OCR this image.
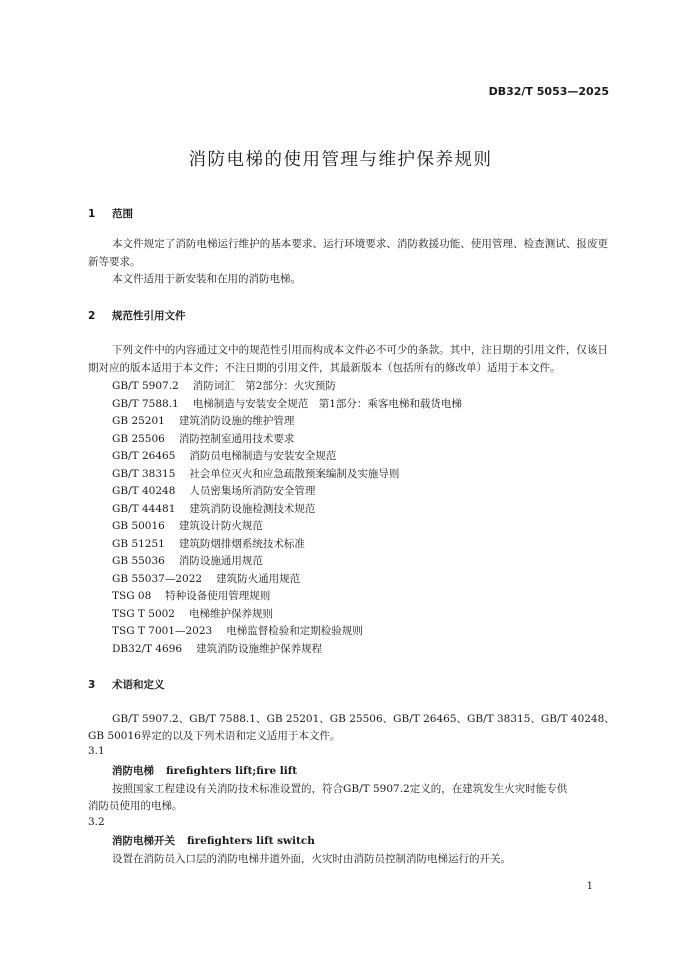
DB32/T 5053—2025
消防电梯的使用管理与维护保养规则
1 范围
本文件规定了消防电梯运行维护的基本要求、运行环境要求、消防救援功能、使用管理、检查测试、报废更新等要求。
本文件适用于新安装和在用的消防电梯。
2 规范性引用文件
下列文件中的内容通过文中的规范性引用而构成本文件必不可少的条款。其中，注日期的引用文件，仅该日期对应的版本适用于本文件；不注日期的引用文件，其最新版本（包括所有的修改单）适用于本文件。
GB/T 5907.2 消防词汇　第2部分：火灾预防
GB/T 7588.1 电梯制造与安装安全规范　第1部分：乘客电梯和载货电梯
GB 25201 建筑消防设施的维护管理
GB 25506 消防控制室通用技术要求
GB/T 26465 消防员电梯制造与安装安全规范
GB/T 38315 社会单位灭火和应急疏散预案编制及实施导则
GB/T 40248 人员密集场所消防安全管理
GB/T 44481 建筑消防设施检测技术规范
GB 50016 建筑设计防火规范
GB 51251 建筑防烟排烟系统技术标准
GB 55036 消防设施通用规范
GB 55037—2022 建筑防火通用规范
TSG 08 特种设备使用管理规则
TSG T 5002 电梯维护保养规则
TSG T 7001—2023 电梯监督检验和定期检验规则
DB32/T 4696 建筑消防设施维护保养规程
3 术语和定义
GB/T 5907.2、GB/T 7588.1、GB 25201、GB 25506、GB/T 26465、GB/T 38315、GB/T 40248、
GB 50016界定的以及下列术语和定义适用于本文件。
3.1
消防电梯 firefighters lift;fire lift
按照国家工程建设有关消防技术标准设置的，符合GB/T 5907.2定义的，在建筑发生火灾时能专供
消防员使用的电梯。
3.2
消防电梯开关 firefighters lift switch
设置在消防员入口层的消防电梯井道外面，火灾时由消防员控制消防电梯运行的开关。
1
